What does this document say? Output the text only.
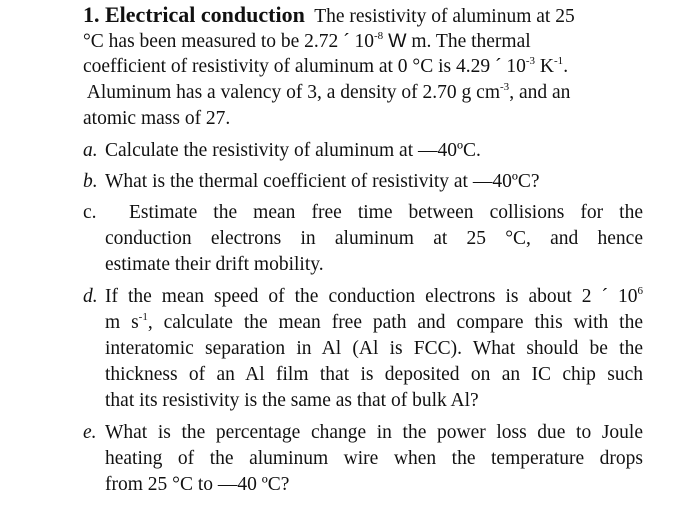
1. Electrical conduction The resistivity of aluminum at 25
°C has been measured to be 2.72 ´ $10^{-8}$ W m. The thermal
coefficient of resistivity of aluminum at 0 °C is 4.29 ´ $10^{-3}$ $K^{-1}$.
Aluminum has a valency of 3, a density of 2.70 g $cm^{-3}$, and an
atomic mass of 27.
a. Calculate the resistivity of aluminum at —40ºC.
b. What is the thermal coefficient of resistivity at —40ºC?
c.	Estimate the mean free time between collisions for the
conduction electrons in aluminum at 25 °C, and hence
estimate their drift mobility.
d. If the mean speed of the conduction electrons is about 2 ´ $10^6$
m $s^{-1}$, calculate the mean free path and compare this with the
interatomic separation in Al (Al is FCC). What should be the
thickness of an Al film that is deposited on an IC chip such
that its resistivity is the same as that of bulk Al?
e. What is the percentage change in the power loss due to Joule
heating of the aluminum wire when the temperature drops
from 25 °C to —40 ºC?
